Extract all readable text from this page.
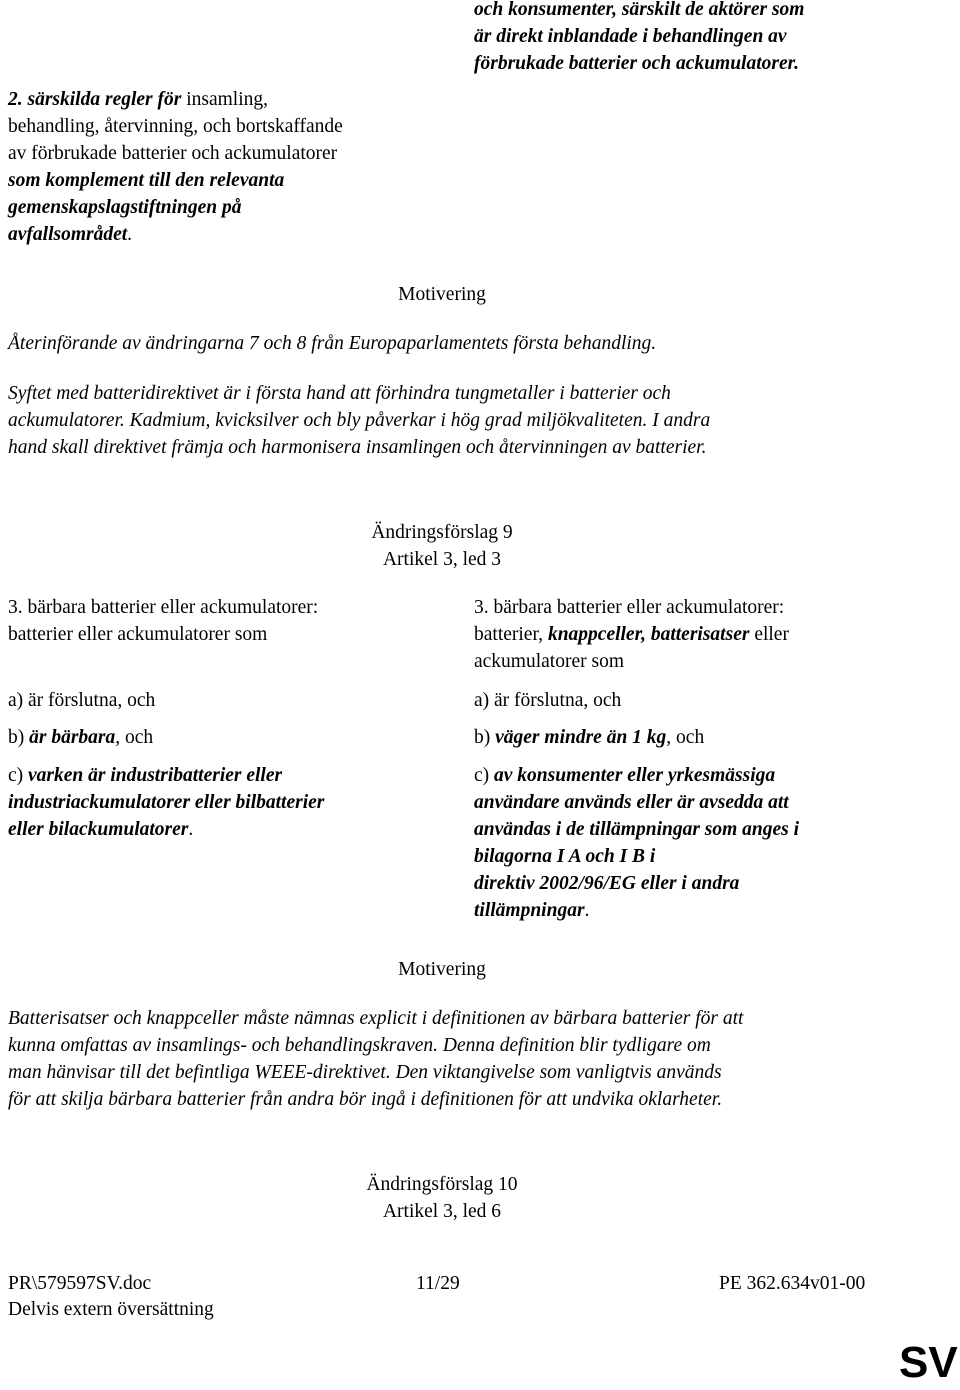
2. särskilda regler för insamling,
behandling, återvinning, och bortskaffande
av förbrukade batterier och ackumulatorer
som komplement till den relevanta
gemenskapslagstiftningen på
avfallsområdet.
och konsumenter, särskilt de aktörer som
är direkt inblandade i behandlingen av
förbrukade batterier och ackumulatorer.
Motivering
Återinförande av ändringarna 7 och 8 från Europaparlamentets första behandling.
Syftet med batteridirektivet är i första hand att förhindra tungmetaller i batterier och
ackumulatorer. Kadmium, kvicksilver och bly påverkar i hög grad miljökvaliteten. I andra
hand skall direktivet främja och harmonisera insamlingen och återvinningen av batterier.
Ändringsförslag 9
Artikel 3, led 3
3. bärbara batterier eller ackumulatorer:
batterier eller ackumulatorer som
a) är förslutna, och
b) är bärbara, och
c) varken är industribatterier eller
industriackumulatorer eller bilbatterier
eller bilackumulatorer.
3. bärbara batterier eller ackumulatorer:
batterier, knappceller, batterisatser eller
ackumulatorer som
a) är förslutna, och
b) väger mindre än 1 kg, och
c) av konsumenter eller yrkesmässiga
användare används eller är avsedda att
användas i de tillämpningar som anges i
bilagorna I A och I B i
direktiv 2002/96/EG eller i andra
tillämpningar.
Motivering
Batterisatser och knappceller måste nämnas explicit i definitionen av bärbara batterier för att
kunna omfattas av insamlings- och behandlingskraven. Denna definition blir tydligare om
man hänvisar till det befintliga WEEE-direktivet. Den viktangivelse som vanligtvis används
för att skilja bärbara batterier från andra bör ingå i definitionen för att undvika oklarheter.
Ändringsförslag 10
Artikel 3, led 6
PR\579597SV.doc	11/29	PE 362.634v01-00
Delvis extern översättning
SV
